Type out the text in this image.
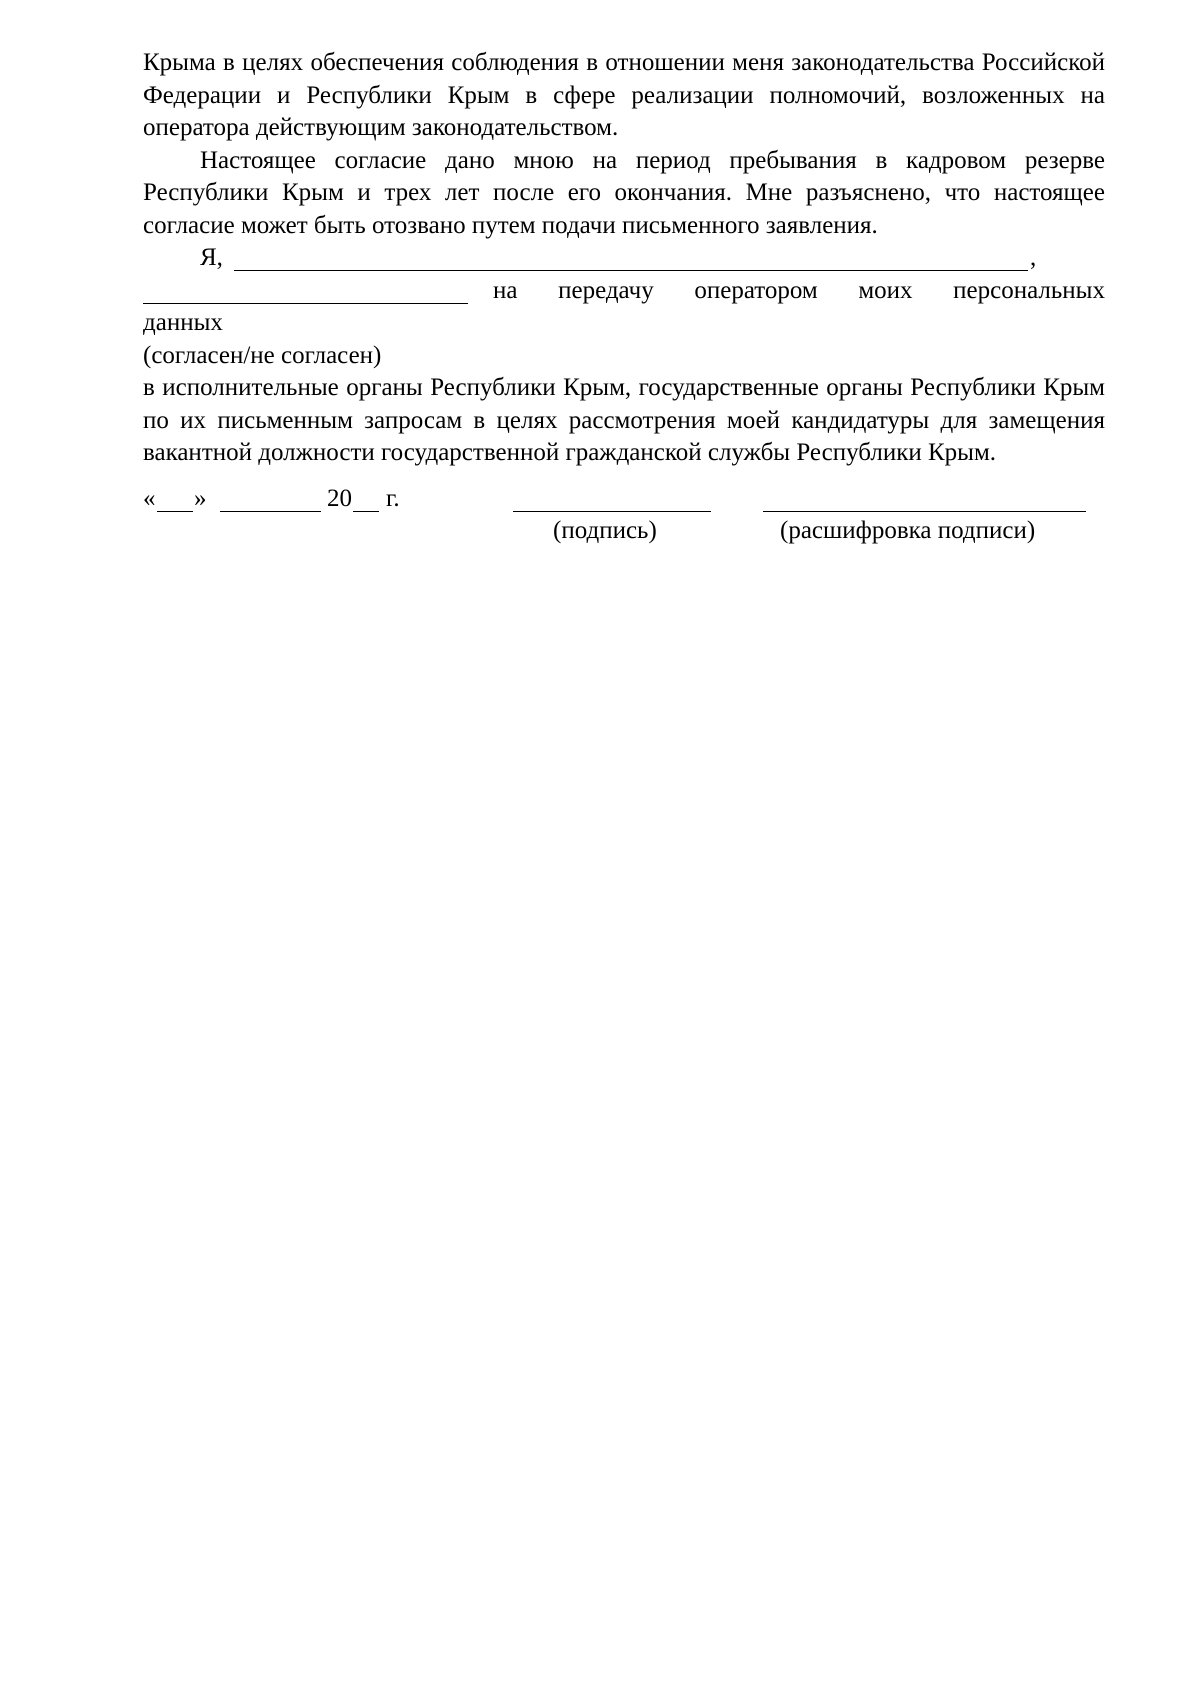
Крыма в целях обеспечения соблюдения в отношении меня законодательства Российской Федерации и Республики Крым в сфере реализации полномочий, возложенных на оператора действующим законодательством.

Настоящее согласие дано мною на период пребывания в кадровом резерве Республики Крым и трех лет после его окончания. Мне разъяснено, что настоящее согласие может быть отозвано путем подачи письменного заявления.

Я,	,
на передачу оператором моих персональных
данных
(согласен/не согласен)

в исполнительные органы Республики Крым, государственные органы Республики Крым по их письменным запросам в целях рассмотрения моей кандидатуры для замещения вакантной должности государственной гражданской службы Республики Крым.

« »	20 г.
(подпись)	(расшифровка подписи)
